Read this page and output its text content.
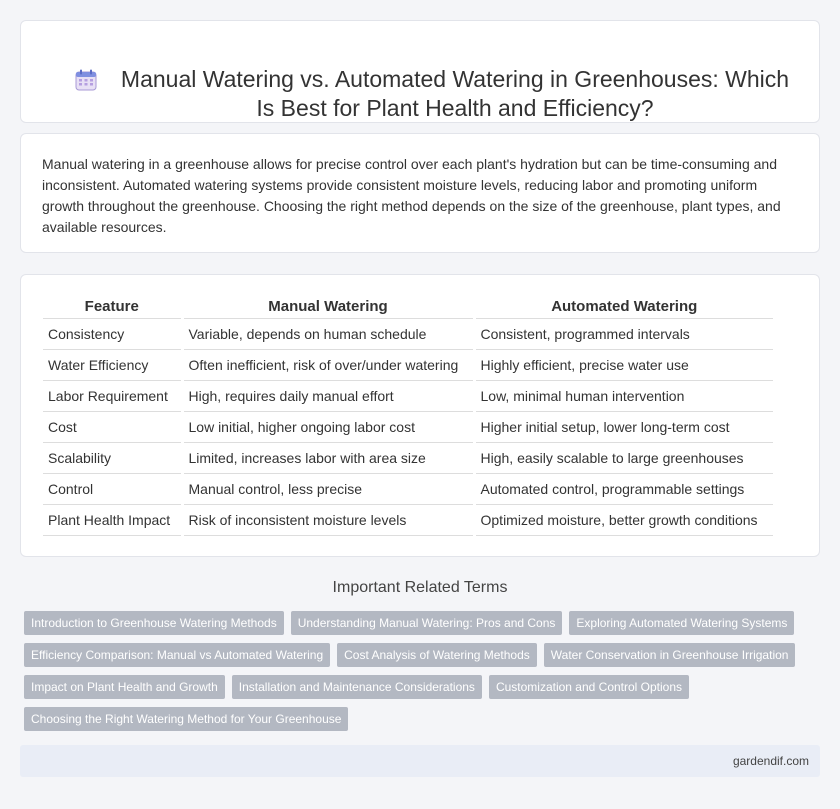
Manual Watering vs. Automated Watering in Greenhouses: Which Is Best for Plant Health and Efficiency?

Manual watering in a greenhouse allows for precise control over each plant's hydration but can be time-consuming and inconsistent. Automated watering systems provide consistent moisture levels, reducing labor and promoting uniform growth throughout the greenhouse. Choosing the right method depends on the size of the greenhouse, plant types, and available resources.

Feature	Manual Watering	Automated Watering
Consistency	Variable, depends on human schedule	Consistent, programmed intervals
Water Efficiency	Often inefficient, risk of over/under watering	Highly efficient, precise water use
Labor Requirement	High, requires daily manual effort	Low, minimal human intervention
Cost	Low initial, higher ongoing labor cost	Higher initial setup, lower long-term cost
Scalability	Limited, increases labor with area size	High, easily scalable to large greenhouses
Control	Manual control, less precise	Automated control, programmable settings
Plant Health Impact	Risk of inconsistent moisture levels	Optimized moisture, better growth conditions
Important Related Terms
Introduction to Greenhouse Watering Methods	Understanding Manual Watering: Pros and Cons	Exploring Automated Watering Systems
Efficiency Comparison: Manual vs Automated Watering	Cost Analysis of Watering Methods	Water Conservation in Greenhouse Irrigation
Impact on Plant Health and Growth	Installation and Maintenance Considerations	Customization and Control Options
Choosing the Right Watering Method for Your Greenhouse
gardendif.com
